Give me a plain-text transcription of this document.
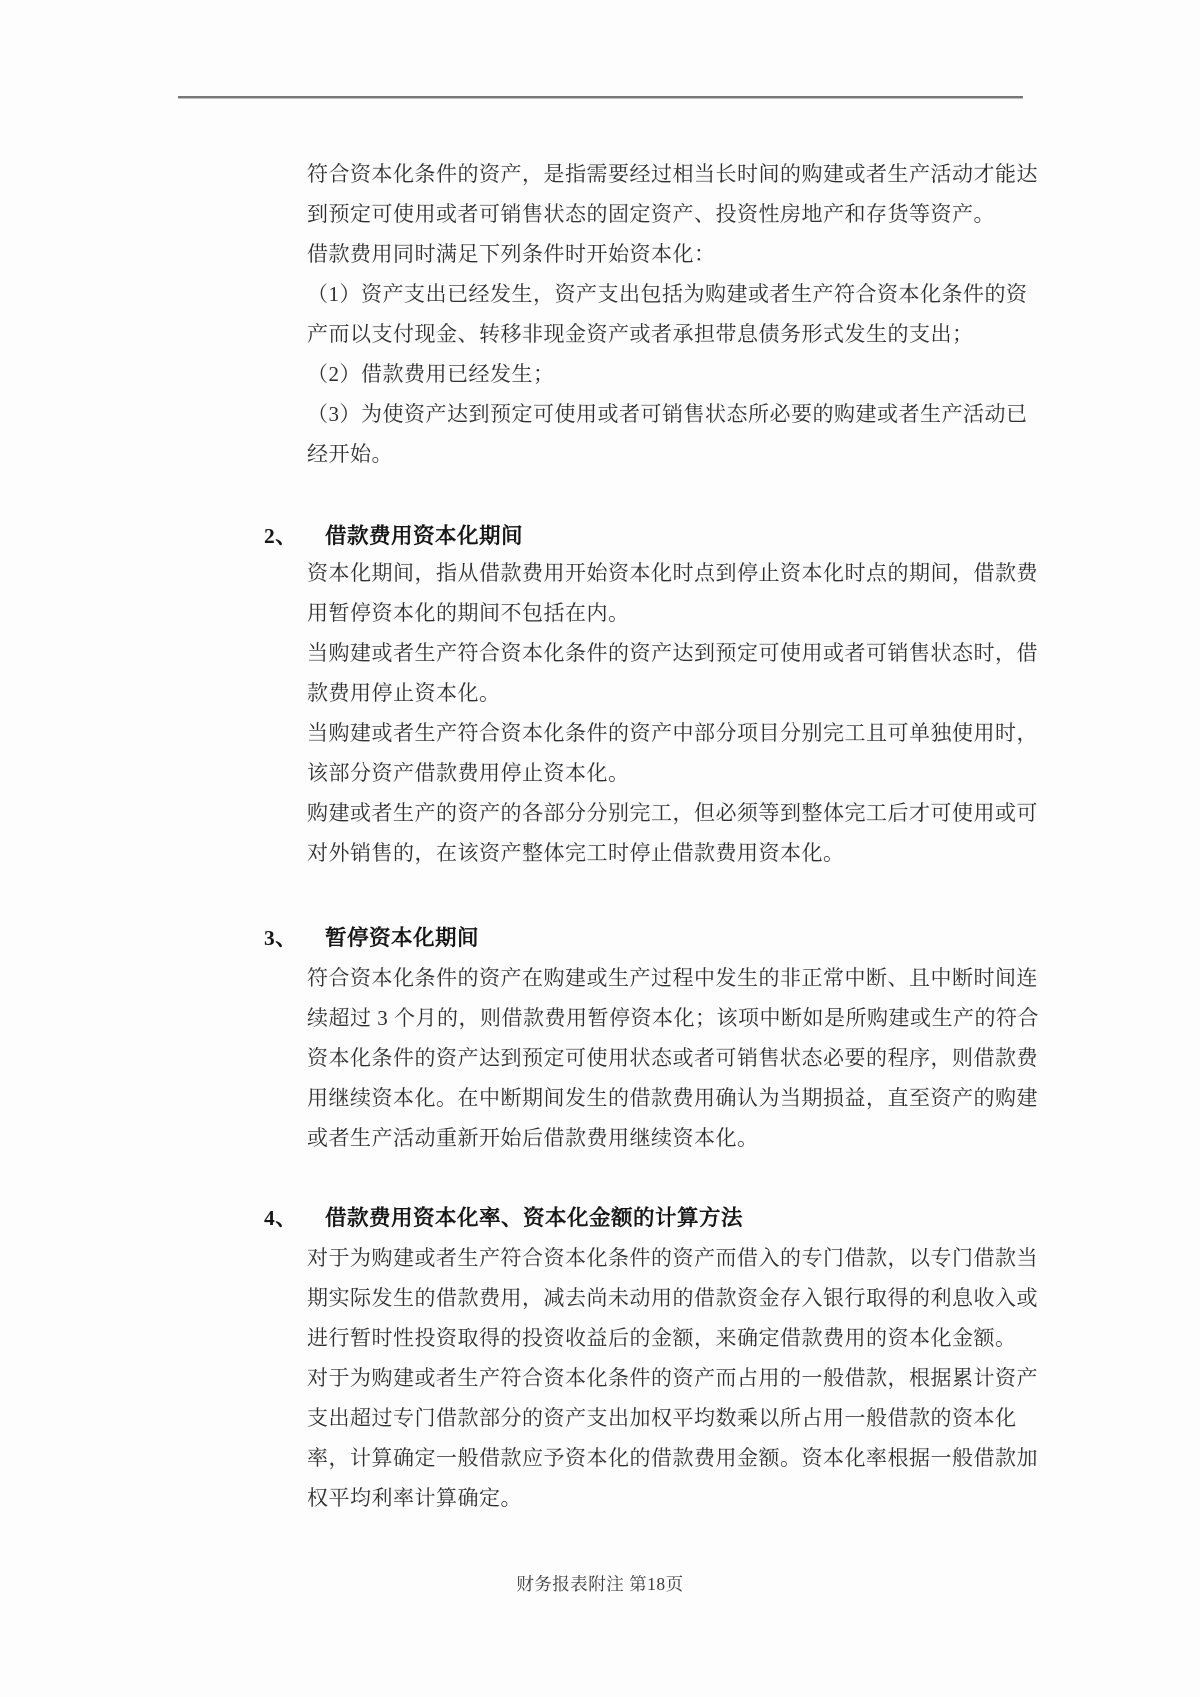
符合资本化条件的资产，是指需要经过相当长时间的购建或者生产活动才能达
到预定可使用或者可销售状态的固定资产、投资性房地产和存货等资产。
借款费用同时满足下列条件时开始资本化：
（1）资产支出已经发生，资产支出包括为购建或者生产符合资本化条件的资
产而以支付现金、转移非现金资产或者承担带息债务形式发生的支出；
（2）借款费用已经发生；
（3）为使资产达到预定可使用或者可销售状态所必要的购建或者生产活动已
经开始。
2、 借款费用资本化期间
资本化期间，指从借款费用开始资本化时点到停止资本化时点的期间，借款费
用暂停资本化的期间不包括在内。
当购建或者生产符合资本化条件的资产达到预定可使用或者可销售状态时，借
款费用停止资本化。
当购建或者生产符合资本化条件的资产中部分项目分别完工且可单独使用时，
该部分资产借款费用停止资本化。
购建或者生产的资产的各部分分别完工，但必须等到整体完工后才可使用或可
对外销售的，在该资产整体完工时停止借款费用资本化。
3、 暂停资本化期间
符合资本化条件的资产在购建或生产过程中发生的非正常中断、且中断时间连
续超过 3 个月的，则借款费用暂停资本化；该项中断如是所购建或生产的符合
资本化条件的资产达到预定可使用状态或者可销售状态必要的程序，则借款费
用继续资本化。在中断期间发生的借款费用确认为当期损益，直至资产的购建
或者生产活动重新开始后借款费用继续资本化。
4、 借款费用资本化率、资本化金额的计算方法
对于为购建或者生产符合资本化条件的资产而借入的专门借款，以专门借款当
期实际发生的借款费用，减去尚未动用的借款资金存入银行取得的利息收入或
进行暂时性投资取得的投资收益后的金额，来确定借款费用的资本化金额。
对于为购建或者生产符合资本化条件的资产而占用的一般借款，根据累计资产
支出超过专门借款部分的资产支出加权平均数乘以所占用一般借款的资本化
率，计算确定一般借款应予资本化的借款费用金额。资本化率根据一般借款加
权平均利率计算确定。
财务报表附注 第18页
